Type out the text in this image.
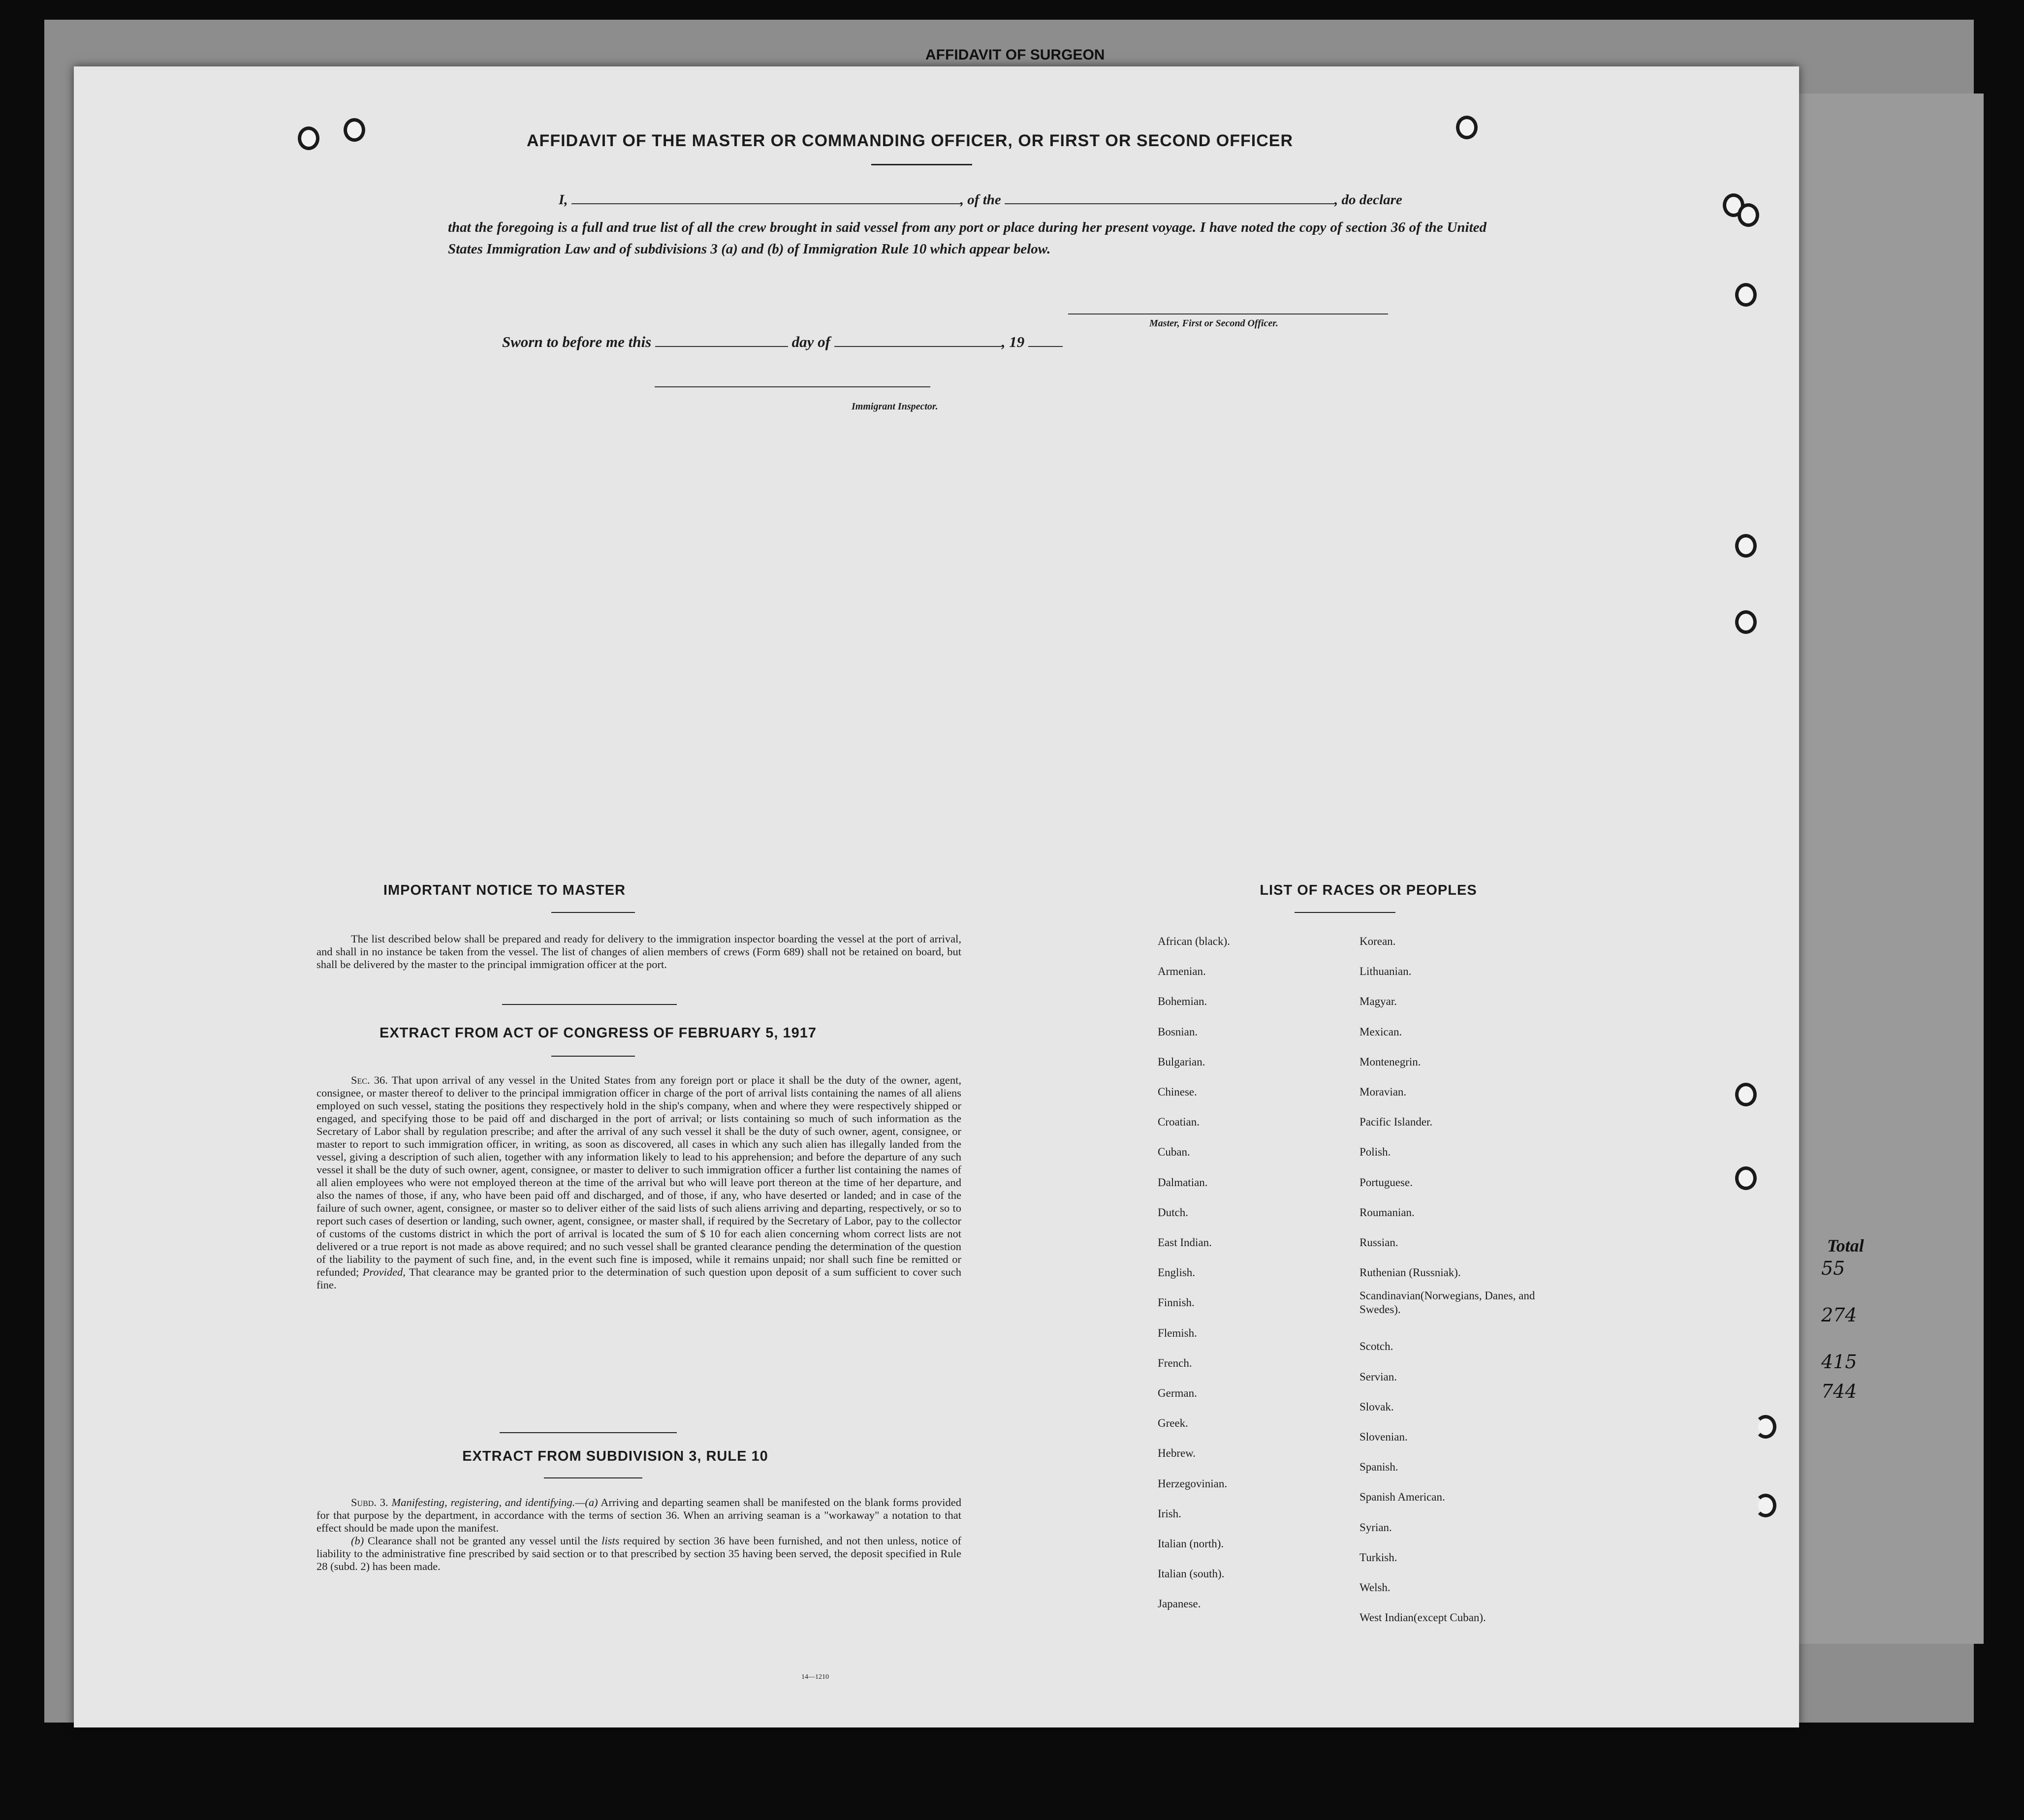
AFFIDAVIT OF SURGEON
Total
55
274
415
744
AFFIDAVIT OF THE MASTER OR COMMANDING OFFICER, OR FIRST OR SECOND OFFICER
I,	, of the	, do declare
that the foregoing is a full and true list of all the crew brought in said vessel from any port or place during her present voyage. I have noted the copy of section 36 of the United States Immigration Law and of subdivisions 3 (a) and (b) of Immigration Rule 10 which appear below.
Master, First or Second Officer.
Sworn to before me this	day of	, 19
Immigrant Inspector.
IMPORTANT NOTICE TO MASTER
The list described below shall be prepared and ready for delivery to the immigration inspector boarding the vessel at the port of arrival, and shall in no instance be taken from the vessel. The list of changes of alien members of crews (Form 689) shall not be retained on board, but shall be delivered by the master to the principal immigration officer at the port.
EXTRACT FROM ACT OF CONGRESS OF FEBRUARY 5, 1917
Sec. 36. That upon arrival of any vessel in the United States from any foreign port or place it shall be the duty of the owner, agent, consignee, or master thereof to deliver to the principal immigration officer in charge of the port of arrival lists containing the names of all aliens employed on such vessel, stating the positions they respectively hold in the ship's company, when and where they were respectively shipped or engaged, and specifying those to be paid off and discharged in the port of arrival; or lists containing so much of such information as the Secretary of Labor shall by regulation prescribe; and after the arrival of any such vessel it shall be the duty of such owner, agent, consignee, or master to report to such immigration officer, in writing, as soon as discovered, all cases in which any such alien has illegally landed from the vessel, giving a description of such alien, together with any information likely to lead to his apprehension; and before the departure of any such vessel it shall be the duty of such owner, agent, consignee, or master to deliver to such immigration officer a further list containing the names of all alien employees who were not employed thereon at the time of the arrival but who will leave port thereon at the time of her departure, and also the names of those, if any, who have been paid off and discharged, and of those, if any, who have deserted or landed; and in case of the failure of such owner, agent, consignee, or master so to deliver either of the said lists of such aliens arriving and departing, respectively, or so to report such cases of desertion or landing, such owner, agent, consignee, or master shall, if required by the Secretary of Labor, pay to the collector of customs of the customs district in which the port of arrival is located the sum of $ 10 for each alien concerning whom correct lists are not delivered or a true report is not made as above required; and no such vessel shall be granted clearance pending the determination of the question of the liability to the payment of such fine, and, in the event such fine is imposed, while it remains unpaid; nor shall such fine be remitted or refunded; Provided, That clearance may be granted prior to the determination of such question upon deposit of a sum sufficient to cover such fine.
EXTRACT FROM SUBDIVISION 3, RULE 10

Subd. 3. Manifesting, registering, and identifying.—(a) Arriving and departing seamen shall be manifested on the blank forms provided for that purpose by the department, in accordance with the terms of section 36. When an arriving seaman is a "workaway" a notation to that effect should be made upon the manifest.

(b) Clearance shall not be granted any vessel until the lists required by section 36 have been furnished, and not then unless, notice of liability to the administrative fine prescribed by said section or to that prescribed by section 35 having been served, the deposit specified in Rule 28 (subd. 2) has been made.

14—1210
LIST OF RACES OR PEOPLES
African (black).
Armenian.
Bohemian.
Bosnian.
Bulgarian.
Chinese.
Croatian.
Cuban.
Dalmatian.
Dutch.
East Indian.
English.
Finnish.
Flemish.
French.
German.
Greek.
Hebrew.
Herzegovinian.
Irish.
Italian (north).
Italian (south).
Japanese.
Korean.
Lithuanian.
Magyar.
Mexican.
Montenegrin.
Moravian.
Pacific Islander.
Polish.
Portuguese.
Roumanian.
Russian.
Ruthenian (Russniak).
Scandinavian(Norwegians, Danes, and Swedes).
Scotch.
Servian.
Slovak.
Slovenian.
Spanish.
Spanish American.
Syrian.
Turkish.
Welsh.
West Indian(except Cuban).
